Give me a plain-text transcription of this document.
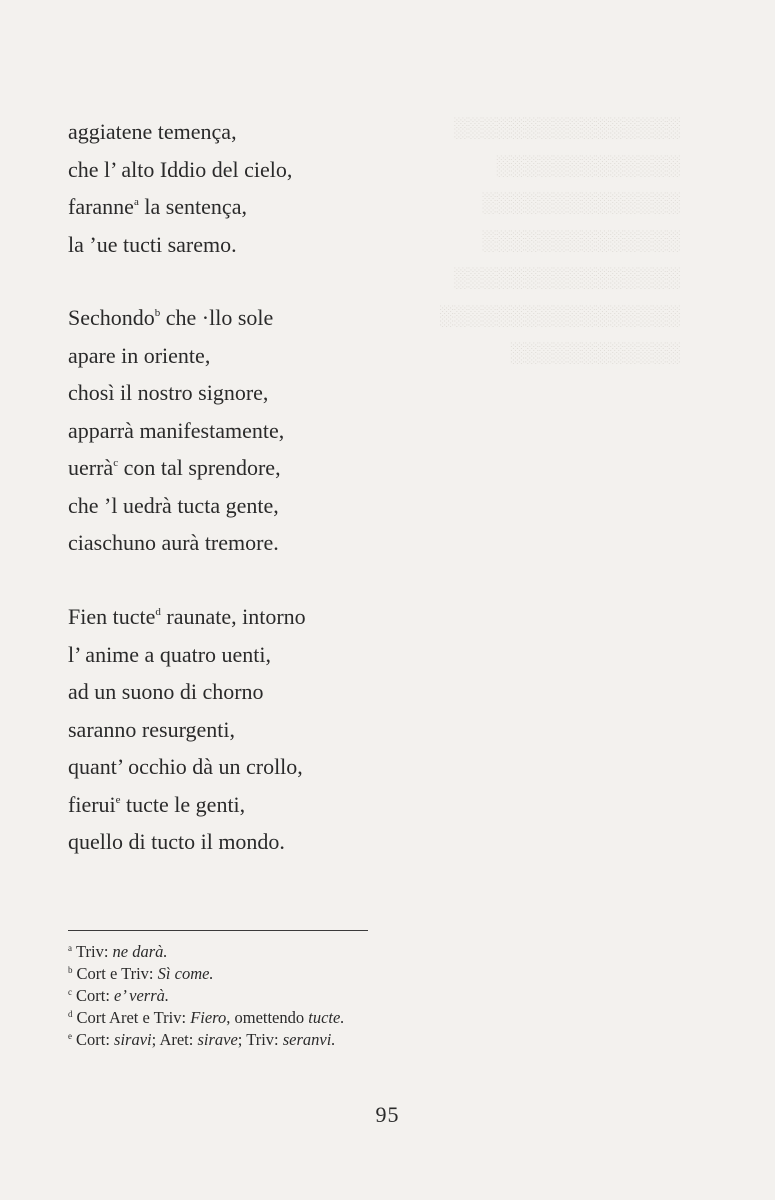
░░░░░░░░░░░░░░░░
░░░░░░░░░░░░░
░░░░░░░░░░░░░░
░░░░░░░░░░░░░░
░░░░░░░░░░░░░░░░
░░░░░░░░░░░░░░░░░
░░░░░░░░░░░░
aggiatene temença,
che l’ alto Iddio del cielo,
faranne$^a$ la sentença,
la ’ue tucti saremo.
Sechondo$^b$ che ·llo sole
apare in oriente,
chosì il nostro signore,
apparrà manifestamente,
uerrà$^c$ con tal sprendore,
che ’l uedrà tucta gente,
ciaschuno aurà tremore.
Fien tucte$^d$ raunate, intorno
l’ anime a quatro uenti,
ad un suono di chorno
saranno resurgenti,
quant’ occhio dà un crollo,
fierui$^e$ tucte le genti,
quello di tucto il mondo.
$^a$ Triv: ne darà.
$^b$ Cort e Triv: Sì come.
$^c$ Cort: e’ verrà.
$^d$ Cort Aret e Triv: Fiero, omettendo tucte.
$^e$ Cort: siravi; Aret: sirave; Triv: seranvi.
95
